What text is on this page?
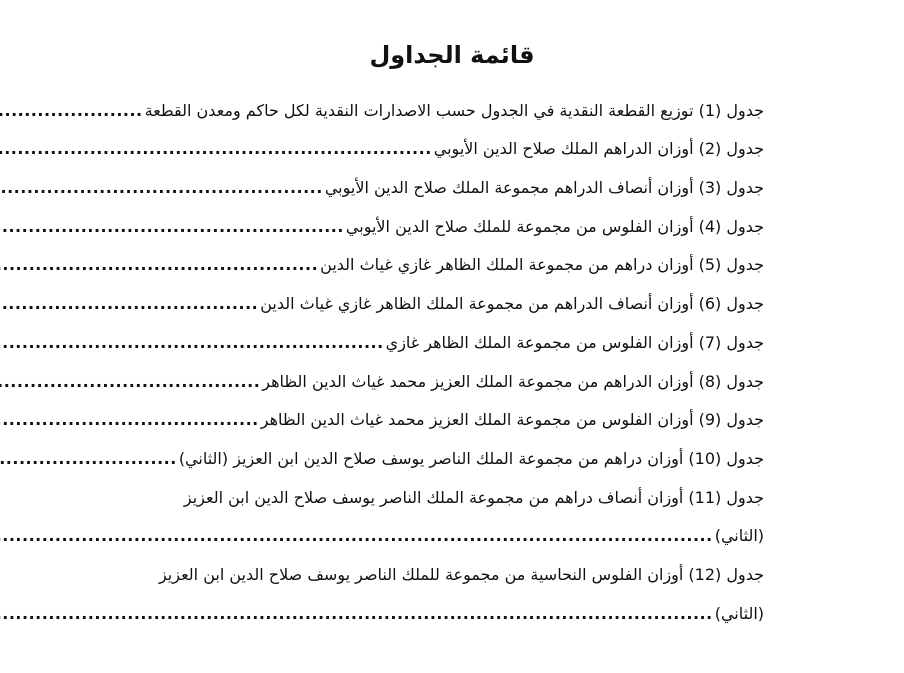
قائمة الجداول
جدول (1) توزيع القطعة النقدية في الجدول حسب الاصدارات النقدية لكل حاكم ومعدن القطعة
.....
جدول (2) أوزان الدراهم الملك صلاح الدين الأيوبي
.....
جدول (3) أوزان أنصاف الدراهم مجموعة الملك صلاح الدين الأيوبي
.....
جدول (4) أوزان الفلوس من مجموعة للملك صلاح الدين الأيوبي
.....
جدول (5) أوزان دراهم من مجموعة الملك الظاهر غازي غياث الدين
.....
جدول (6) أوزان أنصاف الدراهم من مجموعة الملك الظاهر غازي غياث الدين
.....
جدول (7) أوزان الفلوس من مجموعة الملك الظاهر غازي
.....
جدول (8) أوزان الدراهم من مجموعة الملك العزيز محمد غياث الدين الظاهر
.....
جدول (9) أوزان الفلوس من مجموعة الملك العزيز محمد غياث الدين الظاهر
.....
جدول (10) أوزان دراهم من مجموعة الملك الناصر يوسف صلاح الدين ابن العزيز (الثاني)
.....
جدول (11) أوزان أنصاف دراهم من مجموعة الملك الناصر يوسف صلاح الدين ابن العزيز
(الثاني)
.....
جدول (12) أوزان الفلوس النحاسية من مجموعة للملك الناصر يوسف صلاح الدين ابن العزيز
(الثاني)
.....
